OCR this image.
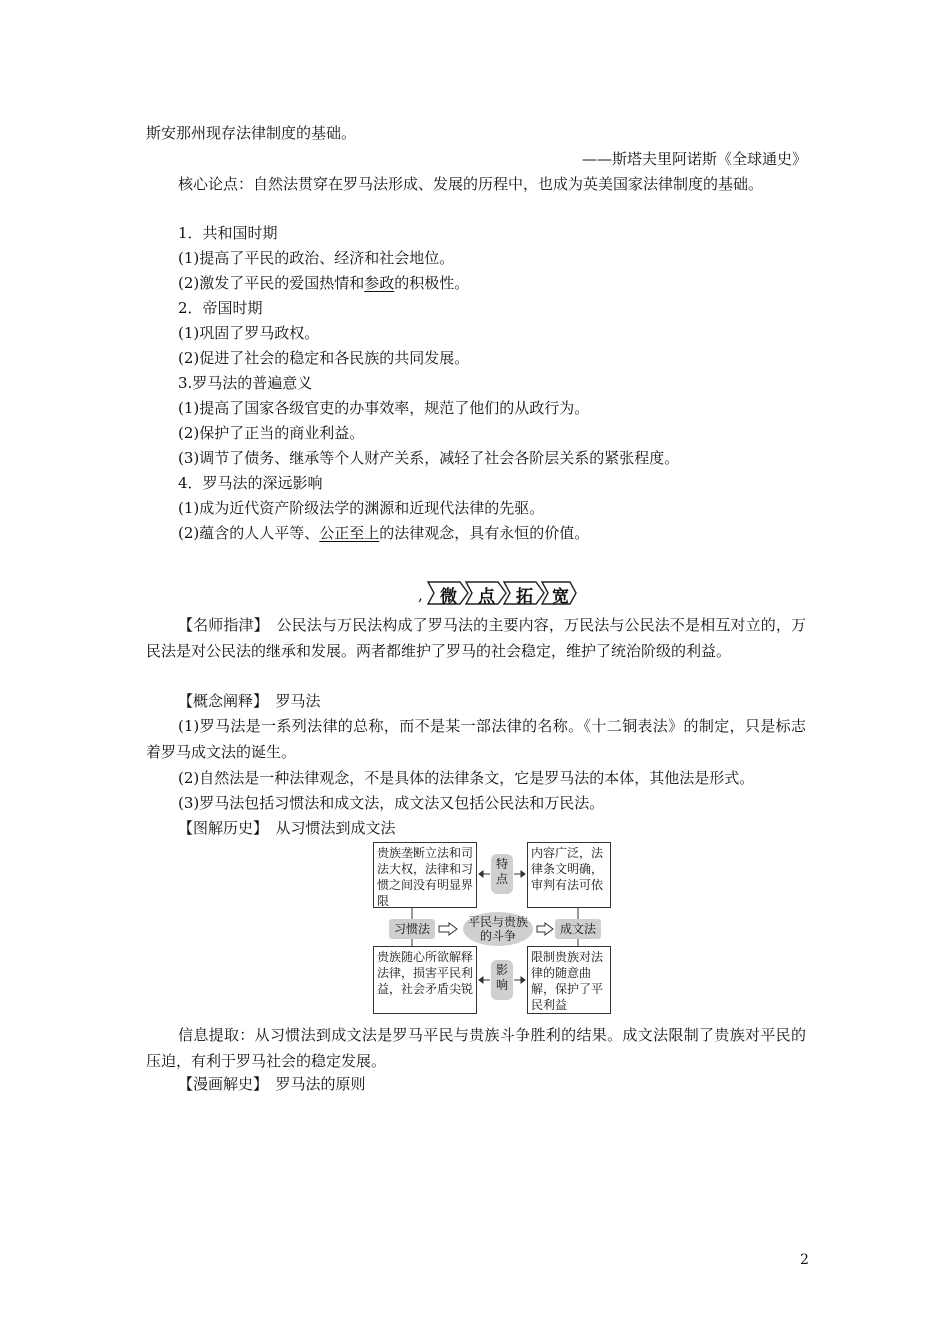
斯安那州现存法律制度的基础。
——斯塔夫里阿诺斯《全球通史》
核心论点：自然法贯穿在罗马法形成、发展的历程中，也成为英美国家法律制度的基础。
1．共和国时期
(1)提高了平民的政治、经济和社会地位。
(2)激发了平民的爱国热情和参政的积极性。
2．帝国时期
(1)巩固了罗马政权。
(2)促进了社会的稳定和各民族的共同发展。
3.罗马法的普遍意义
(1)提高了国家各级官吏的办事效率，规范了他们的从政行为。
(2)保护了正当的商业利益。
(3)调节了债务、继承等个人财产关系，减轻了社会各阶层关系的紧张程度。
4．罗马法的深远影响
(1)成为近代资产阶级法学的渊源和近现代法律的先驱。
(2)蕴含的人人平等、公正至上的法律观念，具有永恒的价值。
, 微 点 拓 宽
【名师指津】　公民法与万民法构成了罗马法的主要内容，万民法与公民法不是相互对立的，万民法是对公民法的继承和发展。两者都维护了罗马的社会稳定，维护了统治阶级的利益。
【概念阐释】　罗马法
(1)罗马法是一系列法律的总称，而不是某一部法律的名称。《十二铜表法》的制定，只是标志着罗马成文法的诞生。
(2)自然法是一种法律观念，不是具体的法律条文，它是罗马法的本体，其他法是形式。
(3)罗马法包括习惯法和成文法，成文法又包括公民法和万民法。
【图解历史】　从习惯法到成文法
贵族垄断立法和司法大权，法律和习惯之间没有明显界限
内容广泛，法律条文明确，审判有法可依
贵族随心所欲解释法律，损害平民利益，社会矛盾尖锐
限制贵族对法律的随意曲解，保护了平民利益
特点
影响
习惯法	平民与贵族的斗争	成文法
信息提取：从习惯法到成文法是罗马平民与贵族斗争胜利的结果。成文法限制了贵族对平民的压迫，有利于罗马社会的稳定发展。
【漫画解史】　罗马法的原则
2
